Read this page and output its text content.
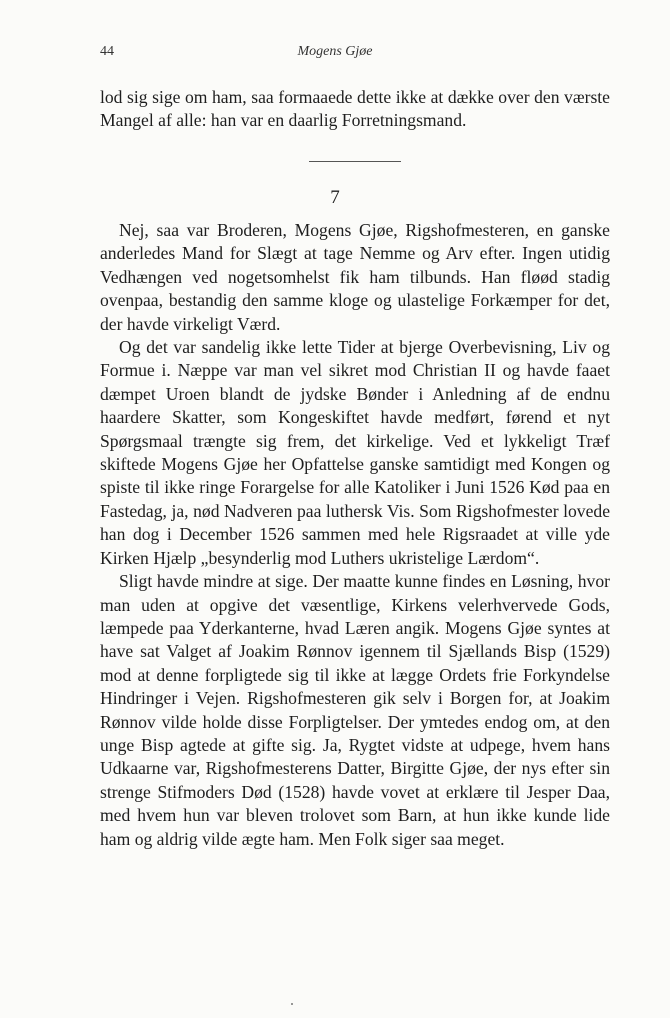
44	Mogens Gjøe

lod sig sige om ham, saa formaaede dette ikke at dække over den værste Mangel af alle: han var en daarlig Forretningsmand.

7

Nej, saa var Broderen, Mogens Gjøe, Rigshofmesteren, en ganske anderledes Mand for Slægt at tage Nemme og Arv efter. Ingen utidig Vedhængen ved nogetsomhelst fik ham tilbunds. Han fløød stadig ovenpaa, bestandig den samme kloge og ulastelige Forkæmper for det, der havde virkeligt Værd.

Og det var sandelig ikke lette Tider at bjerge Overbevisning, Liv og Formue i. Næppe var man vel sikret mod Christian II og havde faaet dæmpet Uroen blandt de jydske Bønder i Anledning af de endnu haardere Skatter, som Kongeskiftet havde medført, førend et nyt Spørgsmaal trængte sig frem, det kirkelige. Ved et lykkeligt Træf skiftede Mogens Gjøe her Opfattelse ganske samtidigt med Kongen og spiste til ikke ringe Forargelse for alle Katoliker i Juni 1526 Kød paa en Fastedag, ja, nød Nadveren paa luthersk Vis. Som Rigshofmester lovede han dog i December 1526 sammen med hele Rigsraadet at ville yde Kirken Hjælp „besynderlig mod Luthers ukristelige Lærdom“.

Sligt havde mindre at sige. Der maatte kunne findes en Løsning, hvor man uden at opgive det væsentlige, Kirkens velerhvervede Gods, læmpede paa Yderkanterne, hvad Læren angik. Mogens Gjøe syntes at have sat Valget af Joakim Rønnov igennem til Sjællands Bisp (1529) mod at denne forpligtede sig til ikke at lægge Ordets frie Forkyndelse Hindringer i Vejen. Rigshofmesteren gik selv i Borgen for, at Joakim Rønnov vilde holde disse Forpligtelser. Der ymtedes endog om, at den unge Bisp agtede at gifte sig. Ja, Rygtet vidste at udpege, hvem hans Udkaarne var, Rigshofmesterens Datter, Birgitte Gjøe, der nys efter sin strenge Stifmoders Død (1528) havde vovet at erklære til Jesper Daa, med hvem hun var bleven trolovet som Barn, at hun ikke kunde lide ham og aldrig vilde ægte ham. Men Folk siger saa meget.
